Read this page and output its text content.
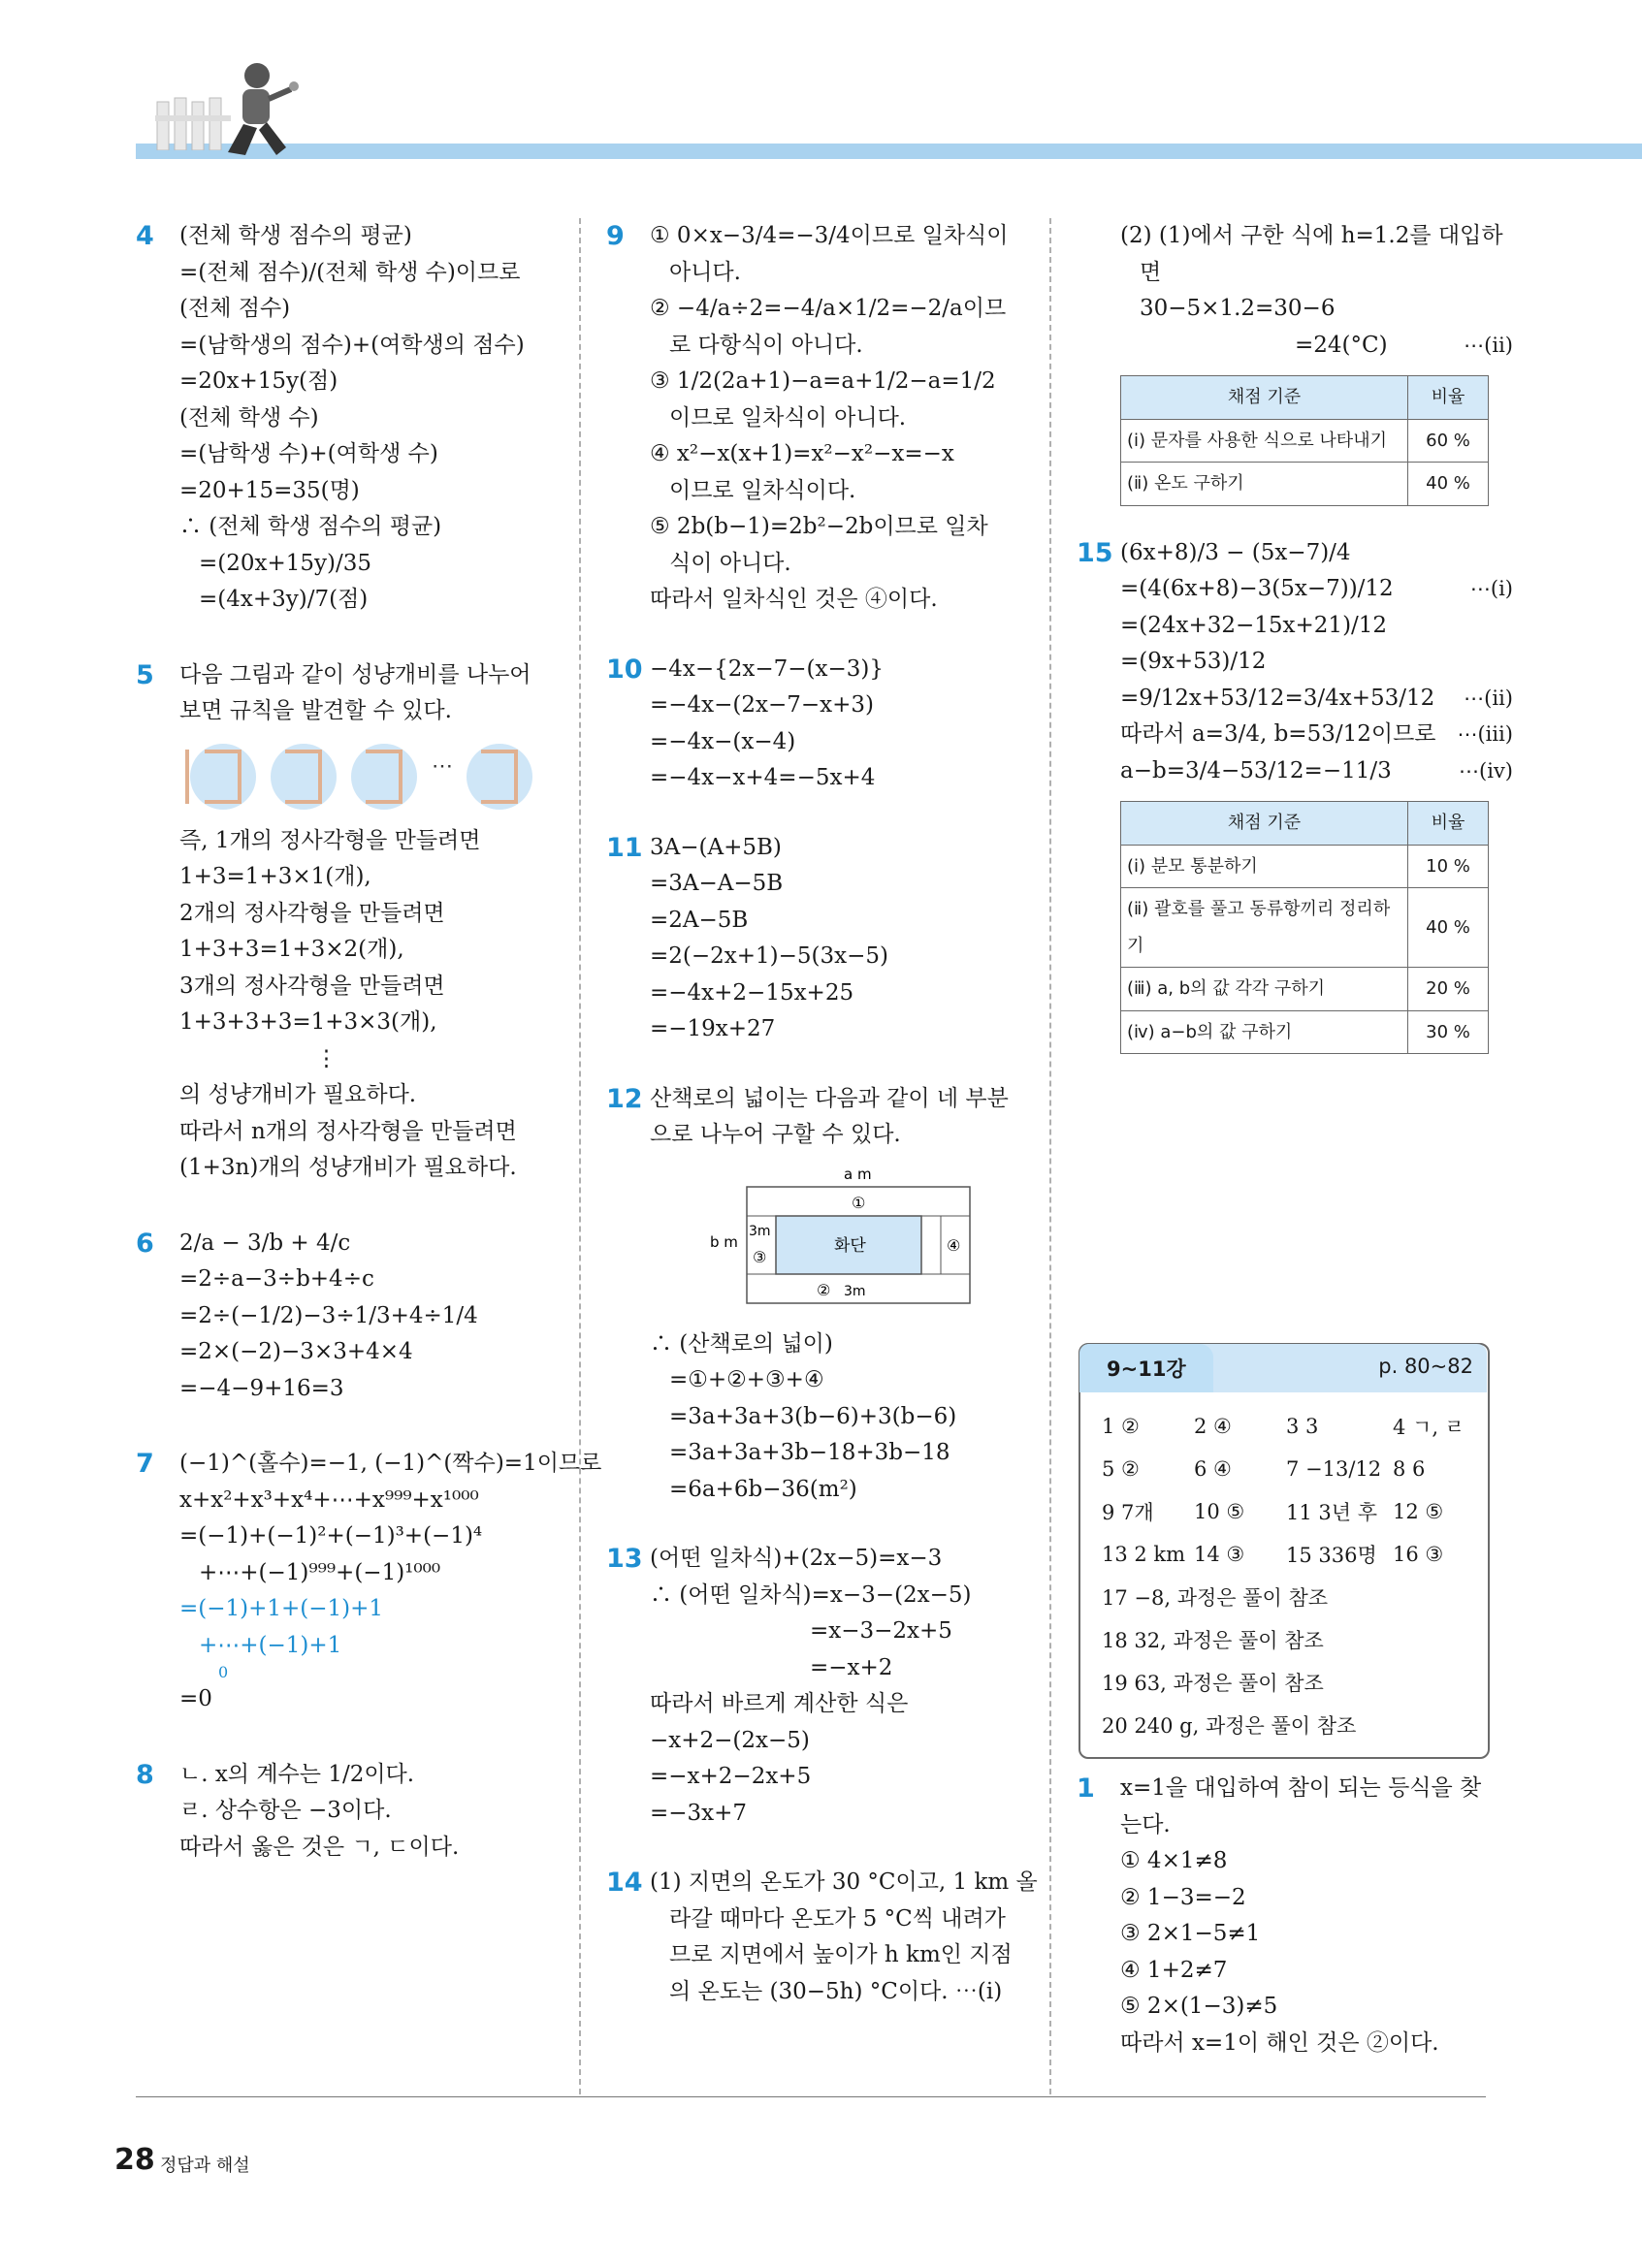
4 (전체 학생 점수의 평균)
=(전체 점수)/(전체 학생 수)이므로
(전체 점수)
=(남학생의 점수)+(여학생의 점수)
=20x+15y(점)
(전체 학생 수)
=(남학생 수)+(여학생 수)
=20+15=35(명)
∴ (전체 학생 점수의 평균)
=(20x+15y)/35
=(4x+3y)/7(점)
5 다음 그림과 같이 성냥개비를 나누어
보면 규칙을 발견할 수 있다.
⋯
즉, 1개의 정사각형을 만들려면
1+3=1+3×1(개),
2개의 정사각형을 만들려면
1+3+3=1+3×2(개),
3개의 정사각형을 만들려면
1+3+3+3=1+3×3(개),
⋮
의 성냥개비가 필요하다.
따라서 n개의 정사각형을 만들려면
(1+3n)개의 성냥개비가 필요하다.
6 2/a − 3/b + 4/c
=2÷a−3÷b+4÷c
=2÷(−1/2)−3÷1/3+4÷1/4
=2×(−2)−3×3+4×4
=−4−9+16=3
7 (−1)^(홀수)=−1, (−1)^(짝수)=1이므로
x+x²+x³+x⁴+⋯+x⁹⁹⁹+x¹⁰⁰⁰
=(−1)+(−1)²+(−1)³+(−1)⁴
+⋯+(−1)⁹⁹⁹+(−1)¹⁰⁰⁰
=(−1)+1+(−1)+1
+⋯+(−1)+1
0
=0
8 ㄴ. x의 계수는 1/2이다.
ㄹ. 상수항은 −3이다.
따라서 옳은 것은 ㄱ, ㄷ이다.
9 ① 0×x−3/4=−3/4이므로 일차식이
아니다.
② −4/a÷2=−4/a×1/2=−2/a이므
로 다항식이 아니다.
③ 1/2(2a+1)−a=a+1/2−a=1/2
이므로 일차식이 아니다.
④ x²−x(x+1)=x²−x²−x=−x
이므로 일차식이다.
⑤ 2b(b−1)=2b²−2b이므로 일차
식이 아니다.
따라서 일차식인 것은 ④이다.
10 −4x−{2x−7−(x−3)}
=−4x−(2x−7−x+3)
=−4x−(x−4)
=−4x−x+4=−5x+4
11 3A−(A+5B)
=3A−A−5B
=2A−5B
=2(−2x+1)−5(3x−5)
=−4x+2−15x+25
=−19x+27
12 산책로의 넓이는 다음과 같이 네 부분
으로 나누어 구할 수 있다.
a m
b m	화단
①
②
③
④
3m
3m
∴ (산책로의 넓이)
=①+②+③+④
=3a+3a+3(b−6)+3(b−6)
=3a+3a+3b−18+3b−18
=6a+6b−36(m²)
13 (어떤 일차식)+(2x−5)=x−3
∴ (어떤 일차식)=x−3−(2x−5)
=x−3−2x+5
=−x+2
따라서 바르게 계산한 식은
−x+2−(2x−5)
=−x+2−2x+5
=−3x+7
14 (1) 지면의 온도가 30 °C이고, 1 km 올
라갈 때마다 온도가 5 °C씩 내려가
므로 지면에서 높이가 h km인 지점
의 온도는 (30−5h) °C이다. ⋯(ⅰ)
(2) (1)에서 구한 식에 h=1.2를 대입하
면
30−5×1.2=30−6
=24(°C)	⋯(ⅱ)
채점 기준	비율
(ⅰ) 문자를 사용한 식으로 나타내기	60 %
(ⅱ) 온도 구하기	40 %
15 (6x+8)/3 − (5x−7)/4
=(4(6x+8)−3(5x−7))/12	⋯(ⅰ)
=(24x+32−15x+21)/12
=(9x+53)/12
=9/12x+53/12=3/4x+53/12 ⋯(ⅱ)
따라서 a=3/4, b=53/12이므로 ⋯(ⅲ)
a−b=3/4−53/12=−11/3	⋯(ⅳ)
채점 기준	비율
(ⅰ) 분모 통분하기	10 %
(ⅱ) 괄호를 풀고 동류항끼리 정리하기	40 %
(ⅲ) a, b의 값 각각 구하기	20 %
(ⅳ) a−b의 값 구하기	30 %
9~11강	p. 80~82
1 ②	2 ④	3 3	4 ㄱ, ㄹ
5 ②	6 ④	7 −13/12 8 6
9 7개	10 ⑤	11 3년 후 12 ⑤
13 2 km 14 ③	15 336명 16 ③
17 −8, 과정은 풀이 참조
18 32, 과정은 풀이 참조
19 63, 과정은 풀이 참조
20 240 g, 과정은 풀이 참조
1 x=1을 대입하여 참이 되는 등식을 찾
는다.
① 4×1≠8
② 1−3=−2
③ 2×1−5≠1
④ 1+2≠7
⑤ 2×(1−3)≠5
따라서 x=1이 해인 것은 ②이다.
28 정답과 해설
